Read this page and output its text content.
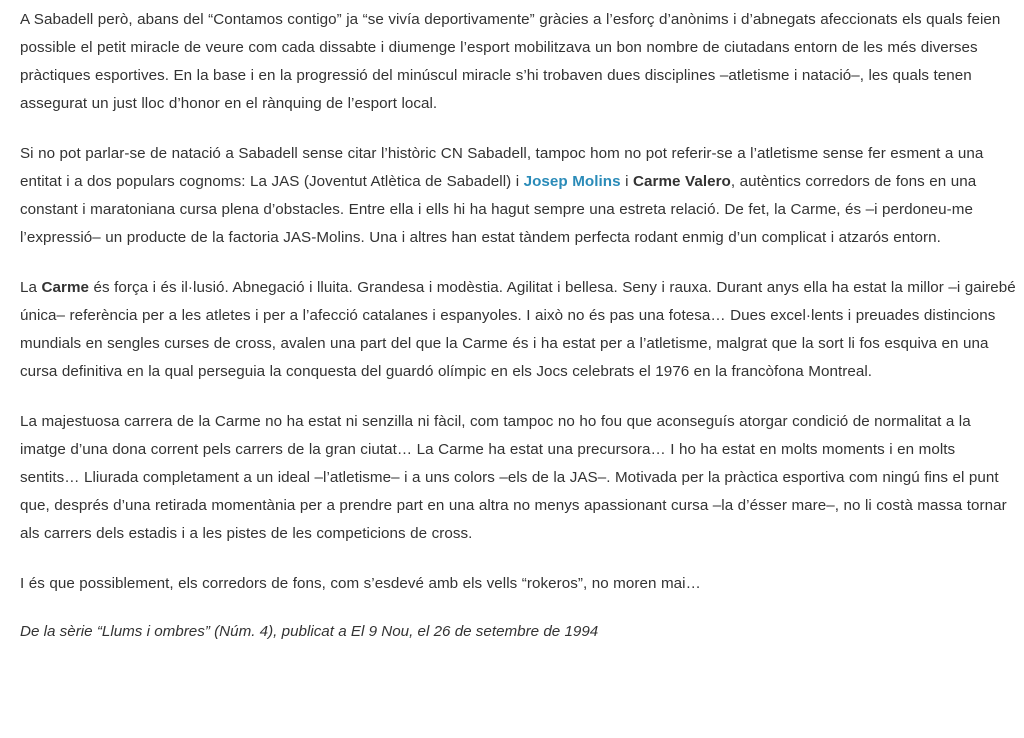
A Sabadell però, abans del “Contamos contigo” ja “se vivía deportivamente” gràcies a l’esforç d’anònims i d’abnegats afeccionats els quals feien possible el petit miracle de veure com cada dissabte i diumenge l’esport mobilitzava un bon nombre de ciutadans entorn de les més diverses pràctiques esportives. En la base i en la progressió del minúscul miracle s’hi trobaven dues disciplines –atletisme i natació–, les quals tenen assegurat un just lloc d’honor en el rànquing de l’esport local.

Si no pot parlar-se de natació a Sabadell sense citar l’històric CN Sabadell, tampoc hom no pot referir-se a l’atletisme sense fer esment a una entitat i a dos populars cognoms: La JAS (Joventut Atlètica de Sabadell) i Josep Molins i Carme Valero, autèntics corredors de fons en una constant i maratoniana cursa plena d’obstacles. Entre ella i ells hi ha hagut sempre una estreta relació. De fet, la Carme, és –i perdoneu-me l’expressió– un producte de la factoria JAS-Molins. Una i altres han estat tàndem perfecta rodant enmig d’un complicat i atzarós entorn.

La Carme és força i és il·lusió. Abnegació i lluita. Grandesa i modèstia. Agilitat i bellesa. Seny i rauxa. Durant anys ella ha estat la millor –i gairebé única– referència per a les atletes i per a l’afecció catalanes i espanyoles. I això no és pas una fotesa… Dues excel·lents i preuades distincions mundials en sengles curses de cross, avalen una part del que la Carme és i ha estat per a l’atletisme, malgrat que la sort li fos esquiva en una cursa definitiva en la qual perseguia la conquesta del guardó olímpic en els Jocs celebrats el 1976 en la francòfona Montreal.

La majestuosa carrera de la Carme no ha estat ni senzilla ni fàcil, com tampoc no ho fou que aconseguís atorgar condició de normalitat a la imatge d’una dona corrent pels carrers de la gran ciutat… La Carme ha estat una precursora… I ho ha estat en molts moments i en molts sentits… Lliurada completament a un ideal –l’atletisme– i a uns colors –els de la JAS–. Motivada per la pràctica esportiva com ningú fins el punt que, després d’una retirada momentània per a prendre part en una altra no menys apassionant cursa –la d’ésser mare–, no li costà massa tornar als carrers dels estadis i a les pistes de les competicions de cross.

I és que possiblement, els corredors de fons, com s’esdevé amb els vells “rokeros”, no moren mai…

De la sèrie “Llums i ombres” (Núm. 4), publicat a El 9 Nou, el 26 de setembre de 1994
